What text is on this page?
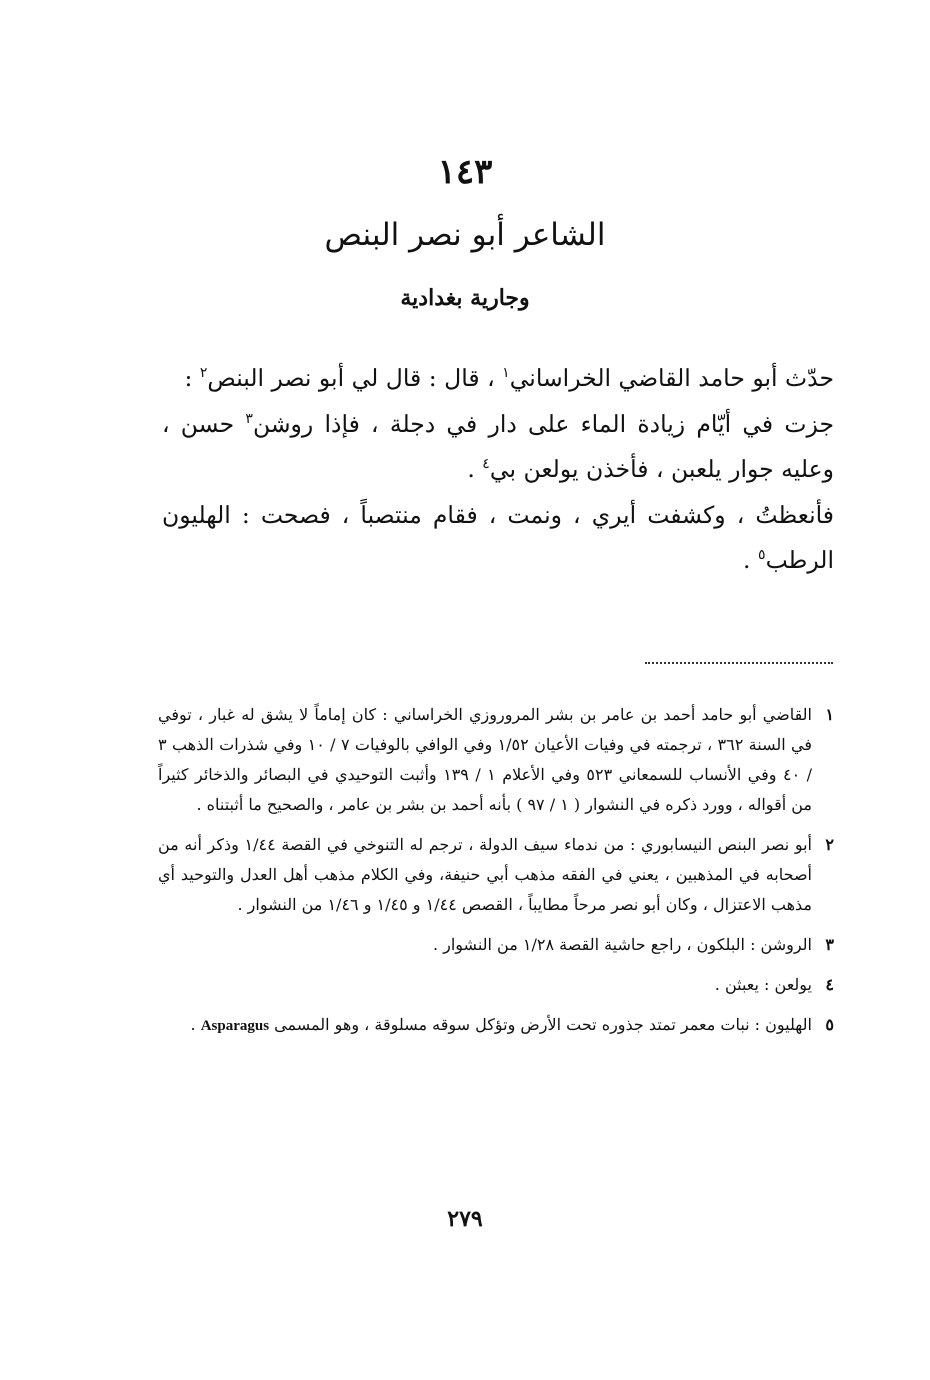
١٤٣
الشاعر أبو نصر البنص
وجارية بغدادية

حدّث أبو حامد القاضي الخراساني$^١$ ، قال : قال لي أبو نصر البنص$^٢$ :

جزت في أيّام زيادة الماء على دار في دجلة ، فإذا روشن$^٣$ حسن ، وعليه جوار يلعبن ، فأخذن يولعن بي$^٤$ .

فأنعظتُ ، وكشفت أيري ، ونمت ، فقام منتصباً ، فصحت : الهليون الرطب$^٥$ .

١
القاضي أبو حامد أحمد بن عامر بن بشر المروروزي الخراساني : كان إماماً لا يشق له غبار ، توفي في السنة ٣٦٢ ، ترجمته في وفيات الأعيان ١/٥٢ وفي الوافي بالوفيات ٧ / ١٠ وفي شذرات الذهب ٣ / ٤٠ وفي الأنساب للسمعاني ٥٢٣ وفي الأعلام ١ / ١٣٩ وأثبت التوحيدي في البصائر والذخائر كثيراً من أقواله ، وورد ذكره في النشوار ( ١ / ٩٧ ) بأنه أحمد بن بشر بن عامر ، والصحيح ما أثبتناه .
٢
أبو نصر البنص النيسابوري : من ندماء سيف الدولة ، ترجم له التنوخي في القصة ١/٤٤ وذكر أنه من أصحابه في المذهبين ، يعني في الفقه مذهب أبي حنيفة، وفي الكلام مذهب أهل العدل والتوحيد أي مذهب الاعتزال ، وكان أبو نصر مرحاً مطايباً ، القصص ١/٤٤ و ١/٤٥ و ١/٤٦ من النشوار .
٣
الروشن : البلكون ، راجع حاشية القصة ١/٢٨ من النشوار .
٤
يولعن : يعبثن .
٥
الهليون : نبات معمر تمتد جذوره تحت الأرض وتؤكل سوقه مسلوقة ، وهو المسمى Asparagus .
٢٧٩
